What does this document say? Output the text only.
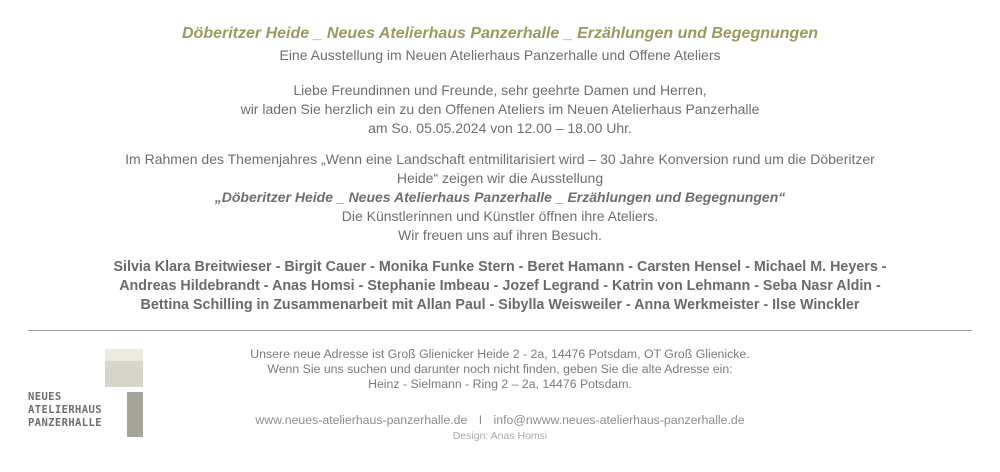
Döberitzer Heide _ Neues Atelierhaus Panzerhalle _ Erzählungen und Begegnungen
Eine Ausstellung im Neuen Atelierhaus Panzerhalle und Offene Ateliers
Liebe Freundinnen und Freunde, sehr geehrte Damen und Herren,
wir laden Sie herzlich ein zu den Offenen Ateliers im Neuen Atelierhaus Panzerhalle
am So. 05.05.2024 von 12.00 – 18.00 Uhr.
Im Rahmen des Themenjahres „Wenn eine Landschaft entmilitarisiert wird – 30 Jahre Konversion rund um die Döberitzer
Heide“ zeigen wir die Ausstellung
„Döberitzer Heide _ Neues Atelierhaus Panzerhalle _ Erzählungen und Begegnungen“
Die Künstlerinnen und Künstler öffnen ihre Ateliers.
Wir freuen uns auf ihren Besuch.
Silvia Klara Breitwieser - Birgit Cauer - Monika Funke Stern - Beret Hamann - Carsten Hensel - Michael M. Heyers -
Andreas Hildebrandt - Anas Homsi - Stephanie Imbeau - Jozef Legrand - Katrin von Lehmann - Seba Nasr Aldin -
Bettina Schilling in Zusammenarbeit mit Allan Paul - Sibylla Weisweiler - Anna Werkmeister - Ilse Winckler
NEUES
ATELIERHAUS
PANZERHALLE
Unsere neue Adresse ist Groß Glienicker Heide 2 - 2a, 14476 Potsdam, OT Groß Glienicke.
Wenn Sie uns suchen und darunter noch nicht finden, geben Sie die alte Adresse ein:
Heinz - Sielmann - Ring 2 – 2a, 14476 Potsdam.
www.neues-atelierhaus-panzerhalle.de I info@nwww.neues-atelierhaus-panzerhalle.de
Design: Anas Homsi
